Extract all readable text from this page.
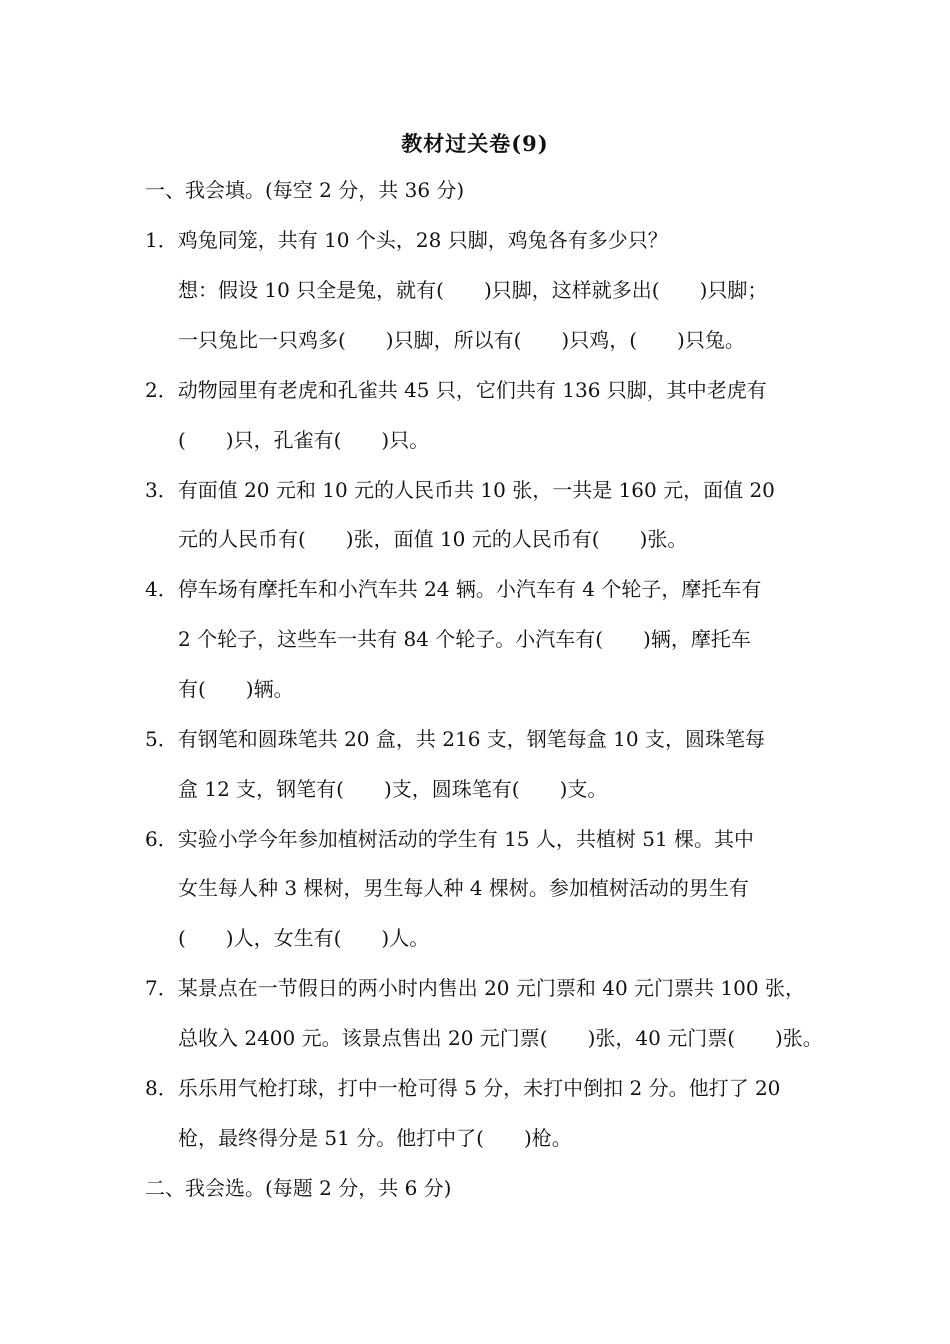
教材过关卷(9)
一、我会填。(每空 2 分，共 36 分)
1．鸡兔同笼，共有 10 个头，28 只脚，鸡兔各有多少只？
想：假设 10 只全是兔，就有(　　)只脚，这样就多出(　　)只脚；
一只兔比一只鸡多(　　)只脚，所以有(　　)只鸡，(　　)只兔。
2．动物园里有老虎和孔雀共 45 只，它们共有 136 只脚，其中老虎有
(　　)只，孔雀有(　　)只。
3．有面值 20 元和 10 元的人民币共 10 张，一共是 160 元，面值 20
元的人民币有(　　)张，面值 10 元的人民币有(　　)张。
4．停车场有摩托车和小汽车共 24 辆。小汽车有 4 个轮子，摩托车有
2 个轮子，这些车一共有 84 个轮子。小汽车有(　　)辆，摩托车
有(　　)辆。
5．有钢笔和圆珠笔共 20 盒，共 216 支，钢笔每盒 10 支，圆珠笔每
盒 12 支，钢笔有(　　)支，圆珠笔有(　　)支。
6．实验小学今年参加植树活动的学生有 15 人，共植树 51 棵。其中
女生每人种 3 棵树，男生每人种 4 棵树。参加植树活动的男生有
(　　)人，女生有(　　)人。
7．某景点在一节假日的两小时内售出 20 元门票和 40 元门票共 100 张，
总收入 2400 元。该景点售出 20 元门票(　　)张，40 元门票(　　)张。
8．乐乐用气枪打球，打中一枪可得 5 分，未打中倒扣 2 分。他打了 20
枪，最终得分是 51 分。他打中了(　　)枪。
二、我会选。(每题 2 分，共 6 分)
